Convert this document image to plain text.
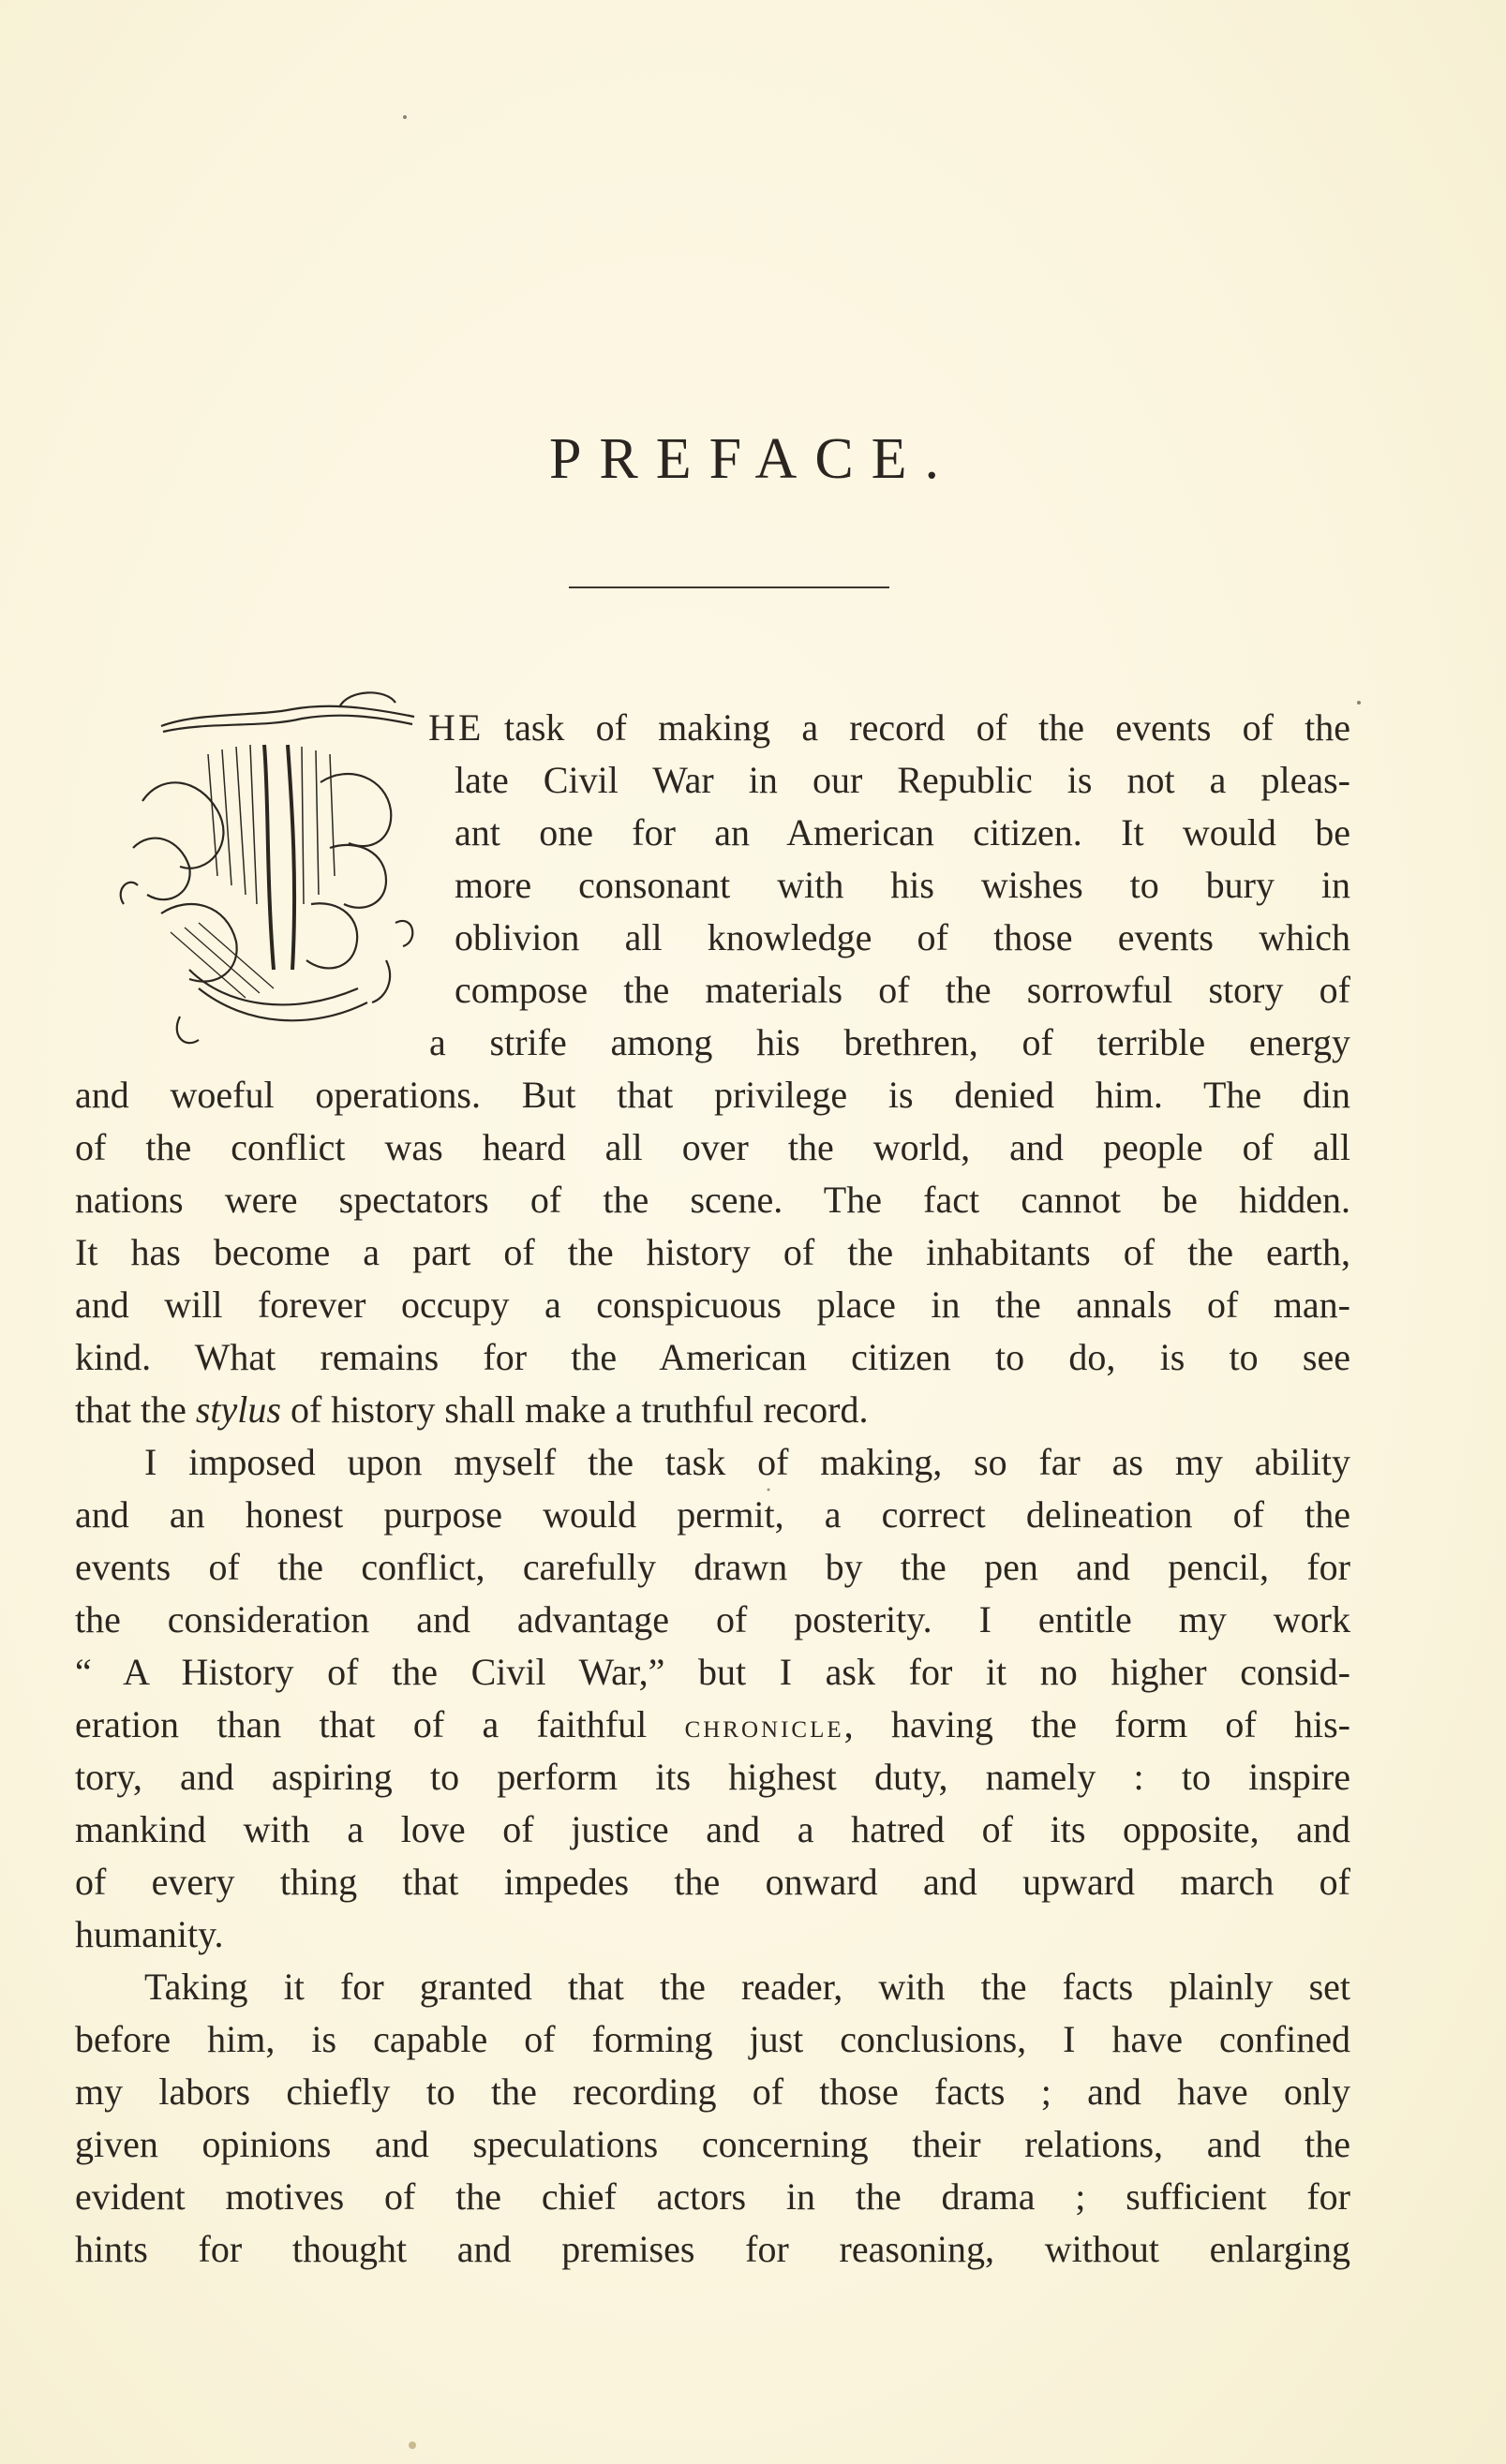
PREFACE.
HE task of making a record of the events of the
late Civil War in our Republic is not a pleas-
ant one for an American citizen. It would be
more consonant with his wishes to bury in
oblivion all knowledge of those events which
compose the materials of the sorrowful story of
a strife among his brethren, of terrible energy
and woeful operations. But that privilege is denied him. The din
of the conflict was heard all over the world, and people of all
nations were spectators of the scene. The fact cannot be hidden.
It has become a part of the history of the inhabitants of the earth,
and will forever occupy a conspicuous place in the annals of man-
kind. What remains for the American citizen to do, is to see
that the stylus of history shall make a truthful record.
I imposed upon myself the task of making, so far as my ability
and an honest purpose would permit, a correct delineation of the
events of the conflict, carefully drawn by the pen and pencil, for
the consideration and advantage of posterity. I entitle my work
“ A History of the Civil War,” but I ask for it no higher consid-
eration than that of a faithful chronicle, having the form of his-
tory, and aspiring to perform its highest duty, namely : to inspire
mankind with a love of justice and a hatred of its opposite, and
of every thing that impedes the onward and upward march of
humanity.
Taking it for granted that the reader, with the facts plainly set
before him, is capable of forming just conclusions, I have confined
my labors chiefly to the recording of those facts ; and have only
given opinions and speculations concerning their relations, and the
evident motives of the chief actors in the drama ; sufficient for
hints for thought and premises for reasoning, without enlarging
